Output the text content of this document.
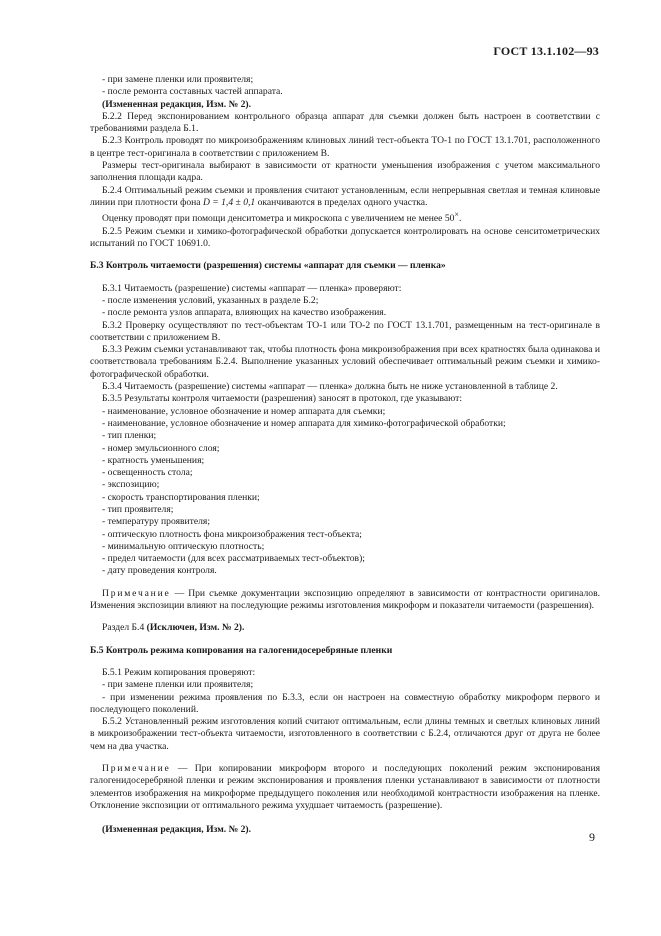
ГОСТ 13.1.102—93

- при замене пленки или проявителя;

- после ремонта составных частей аппарата.

(Измененная редакция, Изм. № 2).

Б.2.2 Перед экспонированием контрольного образца аппарат для съемки должен быть настроен в соответствии с требованиями раздела Б.1.

Б.2.3 Контроль проводят по микроизображениям клиновых линий тест-объекта ТО-1 по ГОСТ 13.1.701, расположенного в центре тест-оригинала в соответствии с приложением В.

Размеры тест-оригинала выбирают в зависимости от кратности уменьшения изображения с учетом максимального заполнения площади кадра.

Б.2.4 Оптимальный режим съемки и проявления считают установленным, если непрерывная светлая и темная клиновые линии при плотности фона D = 1,4 ± 0,1 оканчиваются в пределах одного участка.

Оценку проводят при помощи денситометра и микроскопа с увеличением не менее 50×.

Б.2.5 Режим съемки и химико-фотографической обработки допускается контролировать на основе сенситометрических испытаний по ГОСТ 10691.0.

Б.3 Контроль читаемости (разрешения) системы «аппарат для съемки — пленка»

Б.3.1 Читаемость (разрешение) системы «аппарат — пленка» проверяют:

- после изменения условий, указанных в разделе Б.2;

- после ремонта узлов аппарата, влияющих на качество изображения.

Б.3.2 Проверку осуществляют по тест-объектам ТО-1 или ТО-2 по ГОСТ 13.1.701, размещенным на тест-оригинале в соответствии с приложением В.

Б.3.3 Режим съемки устанавливают так, чтобы плотность фона микроизображения при всех кратностях была одинакова и соответствовала требованиям Б.2.4. Выполнение указанных условий обеспечивает оптимальный режим съемки и химико-фотографической обработки.

Б.3.4 Читаемость (разрешение) системы «аппарат — пленка» должна быть не ниже установленной в таблице 2.

Б.3.5 Результаты контроля читаемости (разрешения) заносят в протокол, где указывают:

- наименование, условное обозначение и номер аппарата для съемки;

- наименование, условное обозначение и номер аппарата для химико-фотографической обработки;

- тип пленки;

- номер эмульсионного слоя;

- кратность уменьшения;

- освещенность стола;

- экспозицию;

- скорость транспортирования пленки;

- тип проявителя;

- температуру проявителя;

- оптическую плотность фона микроизображения тест-объекта;

- минимальную оптическую плотность;

- предел читаемости (для всех рассматриваемых тест-объектов);

- дату проведения контроля.

Примечание — При съемке документации экспозицию определяют в зависимости от контрастности оригиналов. Изменения экспозиции влияют на последующие режимы изготовления микроформ и показатели читаемости (разрешения).

Раздел Б.4 (Исключен, Изм. № 2).

Б.5 Контроль режима копирования на галогенидосеребряные пленки

Б.5.1 Режим копирования проверяют:

- при замене пленки или проявителя;

- при изменении режима проявления по Б.3.3, если он настроен на совместную обработку микроформ первого и последующего поколений.

Б.5.2 Установленный режим изготовления копий считают оптимальным, если длины темных и светлых клиновых линий в микроизображении тест-объекта читаемости, изготовленного в соответствии с Б.2.4, отличаются друг от друга не более чем на два участка.

Примечание — При копировании микроформ второго и последующих поколений режим экспонирования галогенидосеребряной пленки и режим экспонирования и проявления пленки устанавливают в зависимости от плотности элементов изображения на микроформе предыдущего поколения или необходимой контрастности изображения на пленке. Отклонение экспозиции от оптимального режима ухудшает читаемость (разрешение).

(Измененная редакция, Изм. № 2).

9
